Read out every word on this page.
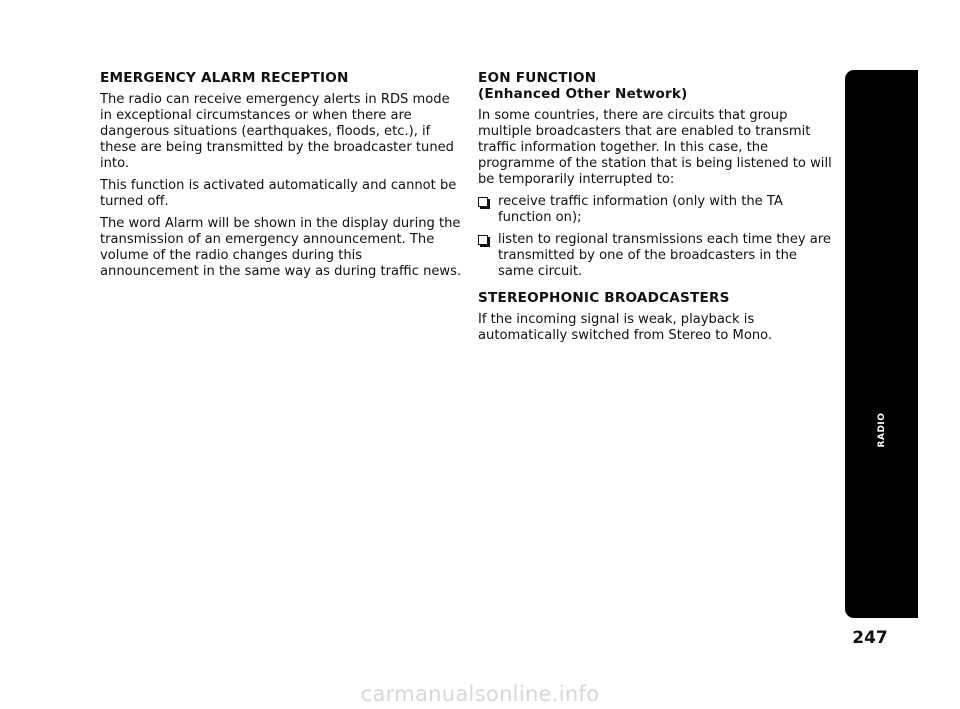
EMERGENCY ALARM RECEPTION

The radio can receive emergency alerts in RDS mode in exceptional circumstances or when there are dangerous situations (earthquakes, floods, etc.), if these are being transmitted by the broadcaster tuned into.

This function is activated automatically and cannot be turned off.

The word Alarm will be shown in the display during the transmission of an emergency announcement. The volume of the radio changes during this announcement in the same way as during traffic news.

EON FUNCTION
(Enhanced Other Network)

In some countries, there are circuits that group multiple broadcasters that are enabled to transmit traffic information together. In this case, the programme of the station that is being listened to will be temporarily interrupted to:

receive traffic information (only with the TA function on);
listen to regional transmissions each time they are transmitted by one of the broadcasters in the same circuit.
STEREOPHONIC BROADCASTERS

If the incoming signal is weak, playback is automatically switched from Stereo to Mono.

RADIO
247
carmanualsonline.info
